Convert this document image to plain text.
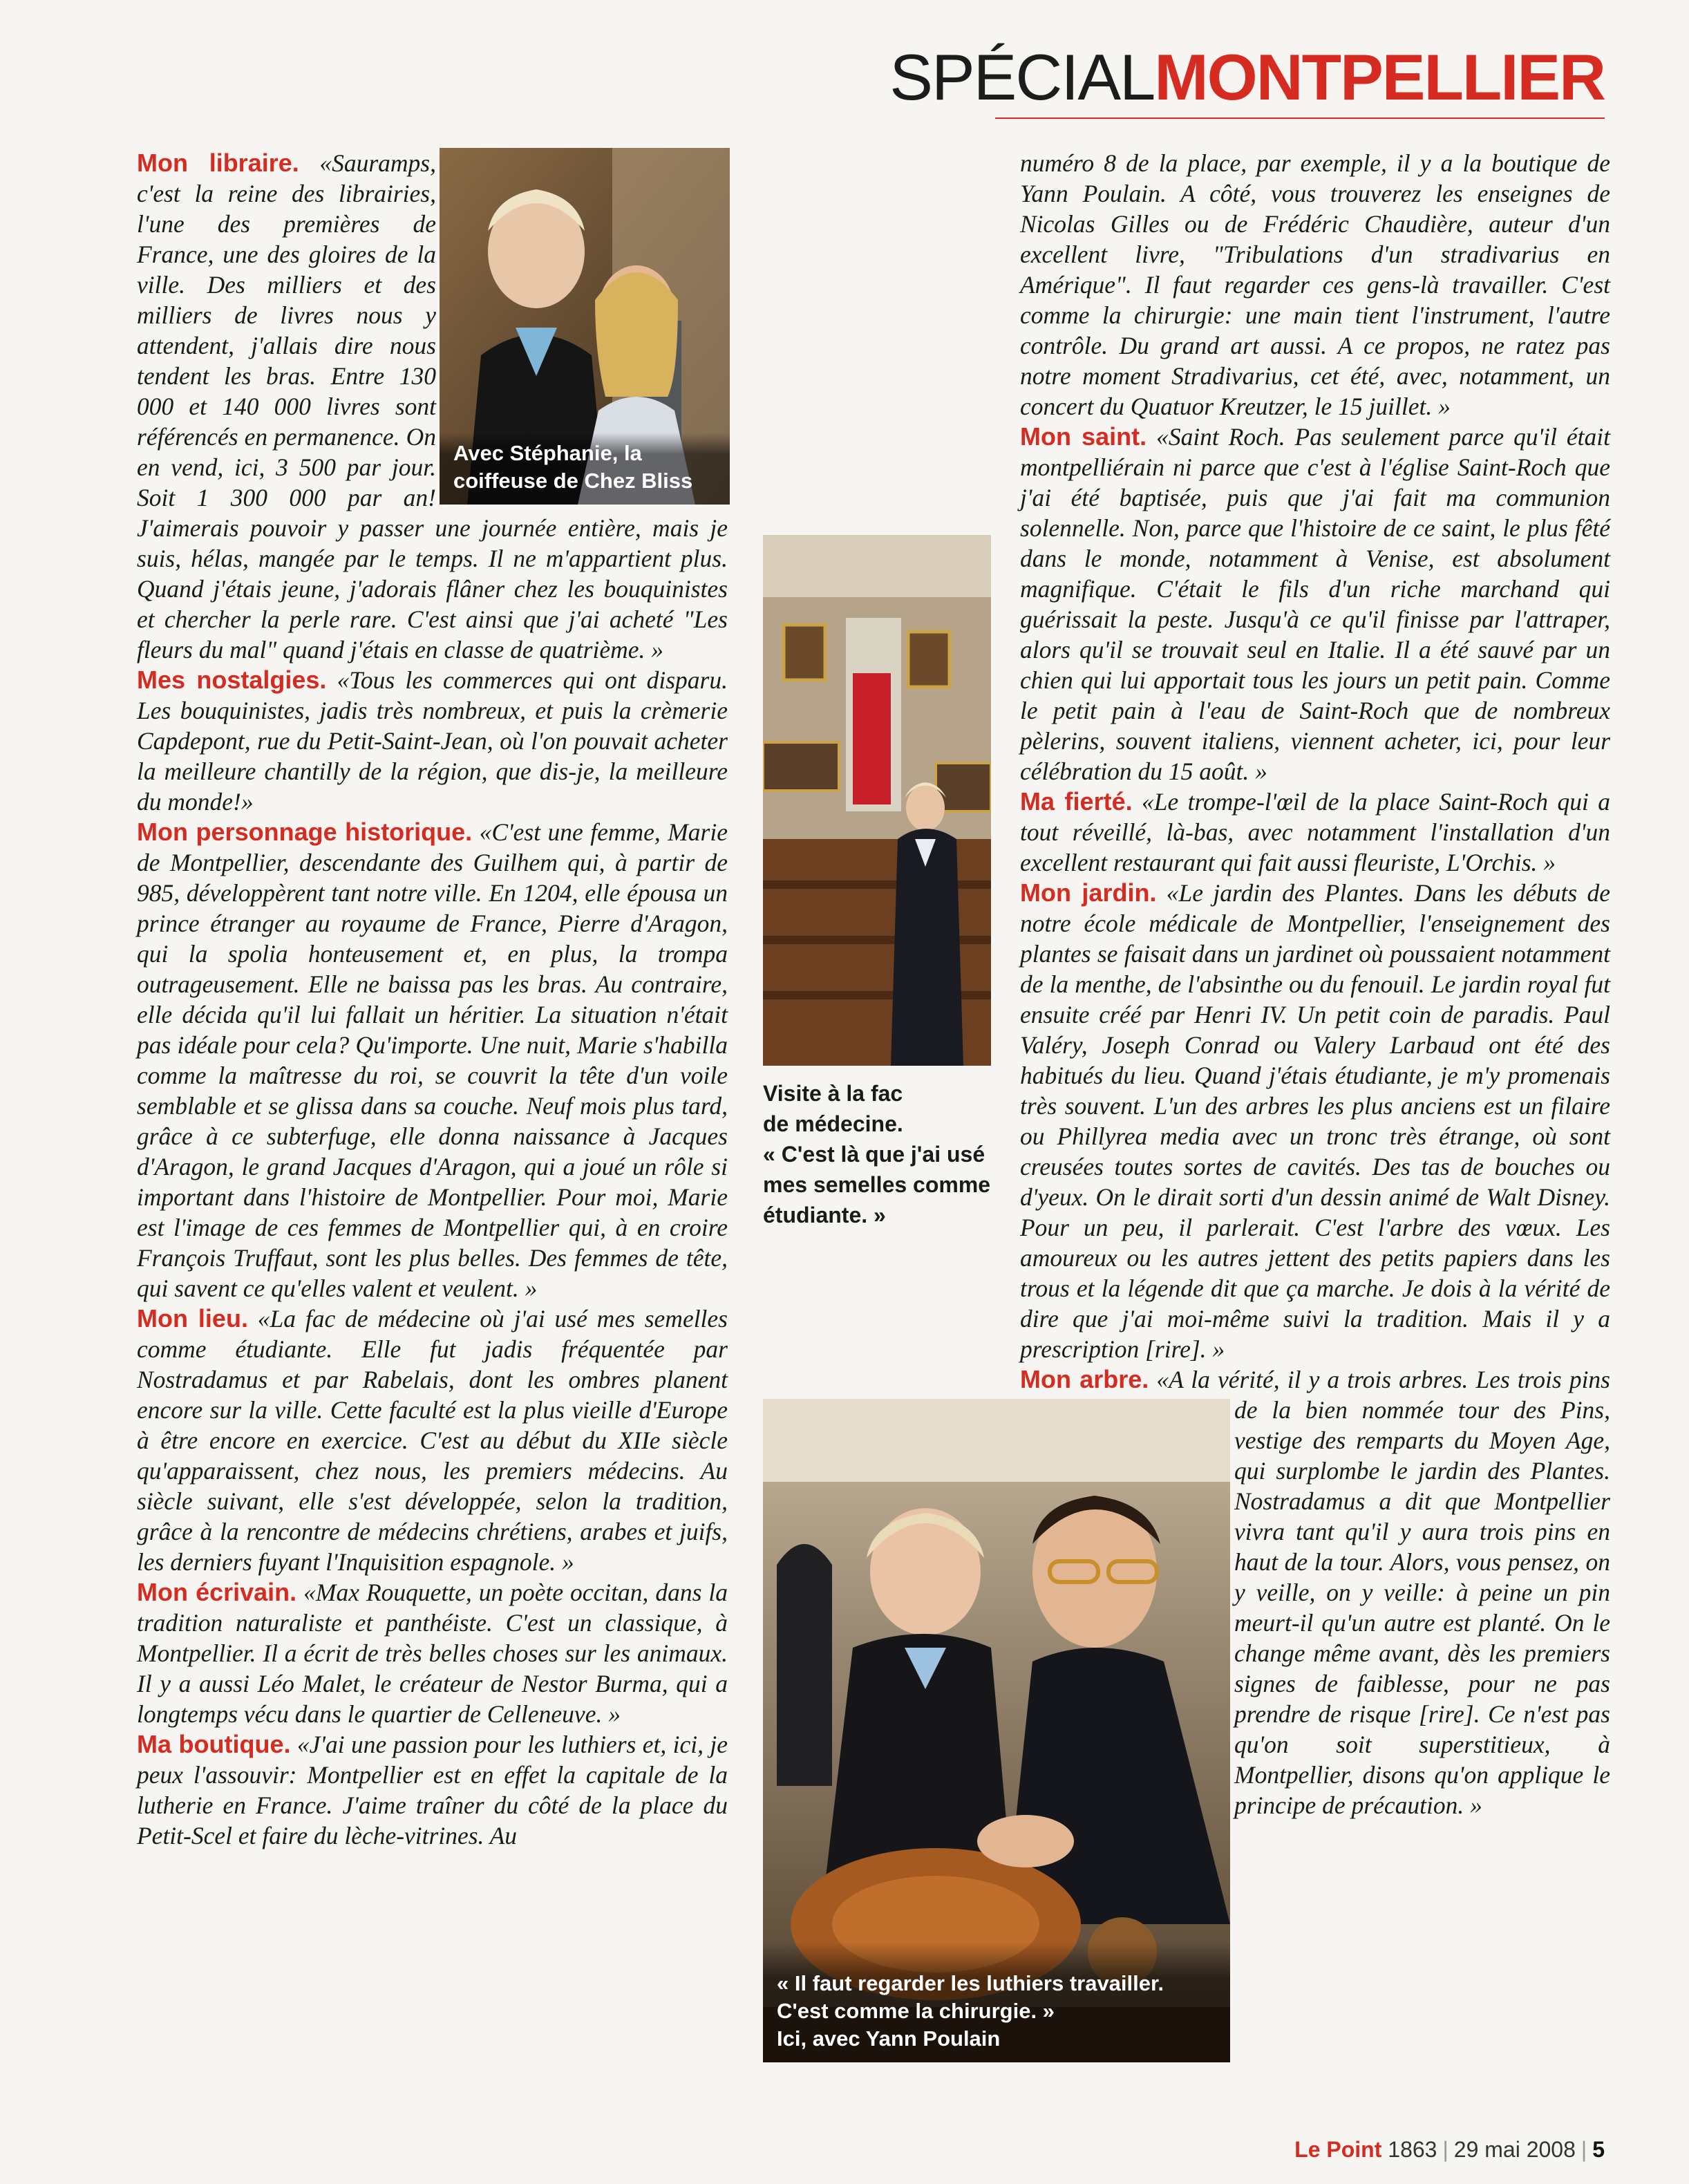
SPÉCIALMONTPELLIER

Mon libraire. «Sauramps, c'est la reine des librairies, l'une des premières de France, une des gloires de la ville. Des milliers et des milliers de livres nous y attendent, j'allais dire nous tendent les bras. Entre 130 000 et 140 000 livres sont référencés en permanence. On en vend, ici, 3 500 par jour. Soit 1 300 000 par an! J'aimerais pouvoir y passer une journée entière, mais je suis, hélas, mangée par le temps. Il ne m'appartient plus. Quand j'étais jeune, j'adorais flâner chez les bouquinistes et chercher la perle rare. C'est ainsi que j'ai acheté "Les fleurs du mal" quand j'étais en classe de quatrième. »

Mes nostalgies. «Tous les commerces qui ont disparu. Les bouquinistes, jadis très nombreux, et puis la crèmerie Capdepont, rue du Petit-Saint-Jean, où l'on pouvait acheter la meilleure chantilly de la région, que dis-je, la meilleure du monde!»

Mon personnage historique. «C'est une femme, Marie de Montpellier, descendante des Guilhem qui, à partir de 985, développèrent tant notre ville. En 1204, elle épousa un prince étranger au royaume de France, Pierre d'Aragon, qui la spolia honteusement et, en plus, la trompa outrageusement. Elle ne baissa pas les bras. Au contraire, elle décida qu'il lui fallait un héritier. La situation n'était pas idéale pour cela? Qu'importe. Une nuit, Marie s'habilla comme la maîtresse du roi, se couvrit la tête d'un voile semblable et se glissa dans sa couche. Neuf mois plus tard, grâce à ce subterfuge, elle donna naissance à Jacques d'Aragon, le grand Jacques d'Aragon, qui a joué un rôle si important dans l'histoire de Montpellier. Pour moi, Marie est l'image de ces femmes de Montpellier qui, à en croire François Truffaut, sont les plus belles. Des femmes de tête, qui savent ce qu'elles valent et veulent. »

Mon lieu. «La fac de médecine où j'ai usé mes semelles comme étudiante. Elle fut jadis fréquentée par Nostradamus et par Rabelais, dont les ombres planent encore sur la ville. Cette faculté est la plus vieille d'Europe à être encore en exercice. C'est au début du XIIe siècle qu'apparaissent, chez nous, les premiers médecins. Au siècle suivant, elle s'est développée, selon la tradition, grâce à la rencontre de médecins chrétiens, arabes et juifs, les derniers fuyant l'Inquisition espagnole. »

Mon écrivain. «Max Rouquette, un poète occitan, dans la tradition naturaliste et panthéiste. C'est un classique, à Montpellier. Il a écrit de très belles choses sur les animaux. Il y a aussi Léo Malet, le créateur de Nestor Burma, qui a longtemps vécu dans le quartier de Celleneuve. »

Ma boutique. «J'ai une passion pour les luthiers et, ici, je peux l'assouvir: Montpellier est en effet la capitale de la lutherie en France. J'aime traîner du côté de la place du Petit-Scel et faire du lèche-vitrines. Au

numéro 8 de la place, par exemple, il y a la boutique de Yann Poulain. A côté, vous trouverez les enseignes de Nicolas Gilles ou de Frédéric Chaudière, auteur d'un excellent livre, "Tribulations d'un stradivarius en Amérique". Il faut regarder ces gens-là travailler. C'est comme la chirurgie: une main tient l'instrument, l'autre contrôle. Du grand art aussi. A ce propos, ne ratez pas notre moment Stradivarius, cet été, avec, notamment, un concert du Quatuor Kreutzer, le 15 juillet. »

Mon saint. «Saint Roch. Pas seulement parce qu'il était montpelliérain ni parce que c'est à l'église Saint-Roch que j'ai été baptisée, puis que j'ai fait ma communion solennelle. Non, parce que l'histoire de ce saint, le plus fêté dans le monde, notamment à Venise, est absolument magnifique. C'était le fils d'un riche marchand qui guérissait la peste. Jusqu'à ce qu'il finisse par l'attraper, alors qu'il se trouvait seul en Italie. Il a été sauvé par un chien qui lui apportait tous les jours un petit pain. Comme le petit pain à l'eau de Saint-Roch que de nombreux pèlerins, souvent italiens, viennent acheter, ici, pour leur célébration du 15 août. »

Ma fierté. «Le trompe-l'œil de la place Saint-Roch qui a tout réveillé, là-bas, avec notamment l'installation d'un excellent restaurant qui fait aussi fleuriste, L'Orchis. »

Mon jardin. «Le jardin des Plantes. Dans les débuts de notre école médicale de Montpellier, l'enseignement des plantes se faisait dans un jardinet où poussaient notamment de la menthe, de l'absinthe ou du fenouil. Le jardin royal fut ensuite créé par Henri IV. Un petit coin de paradis. Paul Valéry, Joseph Conrad ou Valery Larbaud ont été des habitués du lieu. Quand j'étais étudiante, je m'y promenais très souvent. L'un des arbres les plus anciens est un filaire ou Phillyrea media avec un tronc très étrange, où sont creusées toutes sortes de cavités. Des tas de bouches ou d'yeux. On le dirait sorti d'un dessin animé de Walt Disney. Pour un peu, il parlerait. C'est l'arbre des vœux. Les amoureux ou les autres jettent des petits papiers dans les trous et la légende dit que ça marche. Je dois à la vérité de dire que j'ai moi-même suivi la tradition. Mais il y a prescription [rire]. »

Mon arbre. «A la vérité, il y a trois arbres. Les trois pins de la bien nommée tour des Pins, vestige des remparts du Moyen Age, qui surplombe le jardin des Plantes. Nostradamus a dit que Montpellier vivra tant qu'il y aura trois pins en haut de la tour. Alors, vous pensez, on y veille, on y veille: à peine un pin meurt-il qu'un autre est planté. On le change même avant, dès les premiers signes de faiblesse, pour ne pas prendre de risque [rire]. Ce n'est pas qu'on soit superstitieux, à Montpellier, disons qu'on applique le principe de précaution. »

Avec Stéphanie, la coiffeuse de Chez Bliss
Visite à la fac
de médecine.
« C'est là que j'ai usé
mes semelles comme
étudiante. »
« Il faut regarder les luthiers travailler.
C'est comme la chirurgie. »
Ici, avec Yann Poulain
Le Point 1863 | 29 mai 2008 | 5
